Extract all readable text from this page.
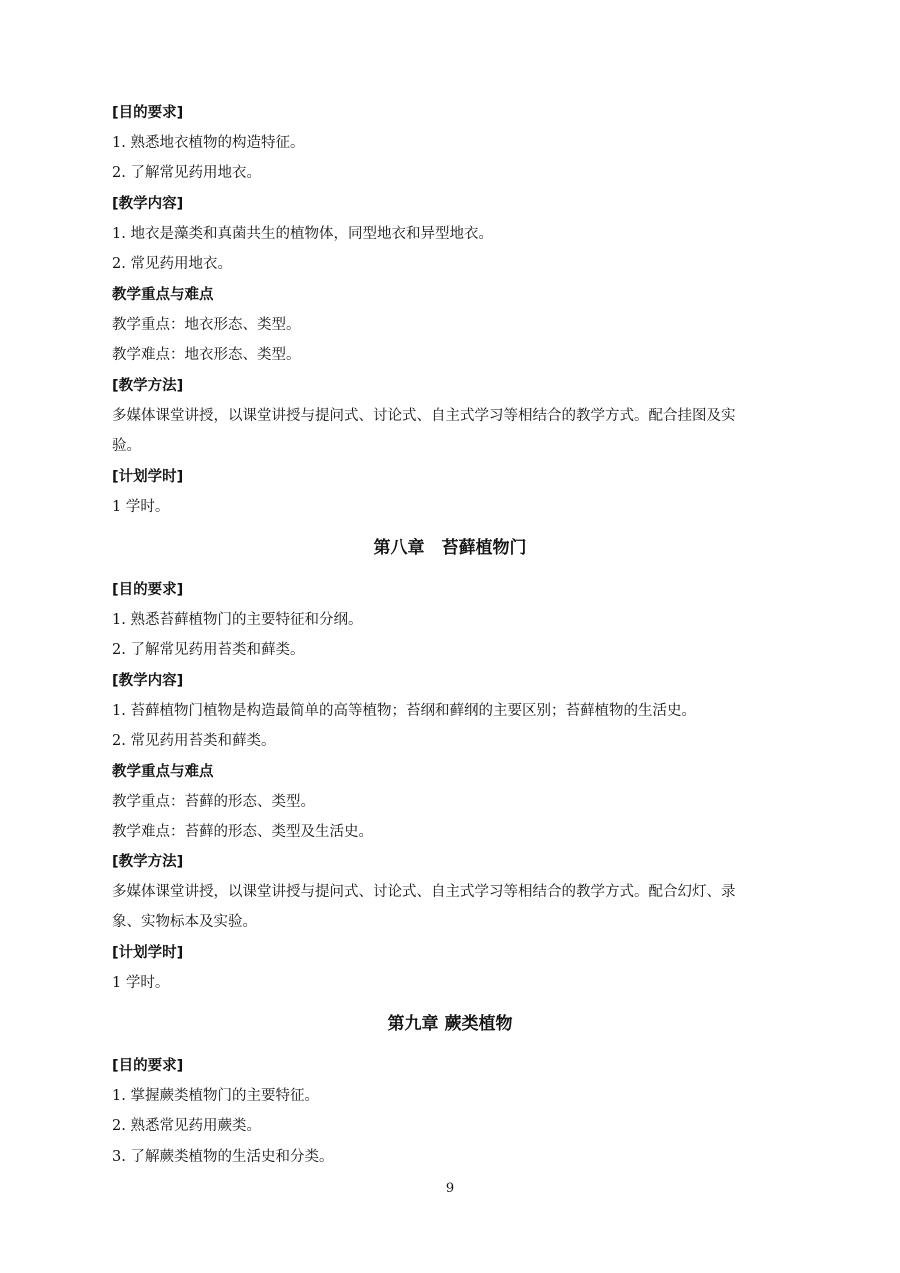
[目的要求]
1. 熟悉地衣植物的构造特征。
2. 了解常见药用地衣。
[教学内容]
1. 地衣是藻类和真菌共生的植物体，同型地衣和异型地衣。
2. 常见药用地衣。
教学重点与难点
教学重点：地衣形态、类型。
教学难点：地衣形态、类型。
[教学方法]
多媒体课堂讲授，以课堂讲授与提问式、讨论式、自主式学习等相结合的教学方式。配合挂图及实
验。
[计划学时]
1 学时。
第八章　苔藓植物门
[目的要求]
1. 熟悉苔藓植物门的主要特征和分纲。
2. 了解常见药用苔类和藓类。
[教学内容]
1. 苔藓植物门植物是构造最简单的高等植物；苔纲和藓纲的主要区别；苔藓植物的生活史。
2. 常见药用苔类和藓类。
教学重点与难点
教学重点：苔藓的形态、类型。
教学难点：苔藓的形态、类型及生活史。
[教学方法]
多媒体课堂讲授，以课堂讲授与提问式、讨论式、自主式学习等相结合的教学方式。配合幻灯、录
象、实物标本及实验。
[计划学时]
1 学时。
第九章 蕨类植物
[目的要求]
1. 掌握蕨类植物门的主要特征。
2. 熟悉常见药用蕨类。
3. 了解蕨类植物的生活史和分类。
9
